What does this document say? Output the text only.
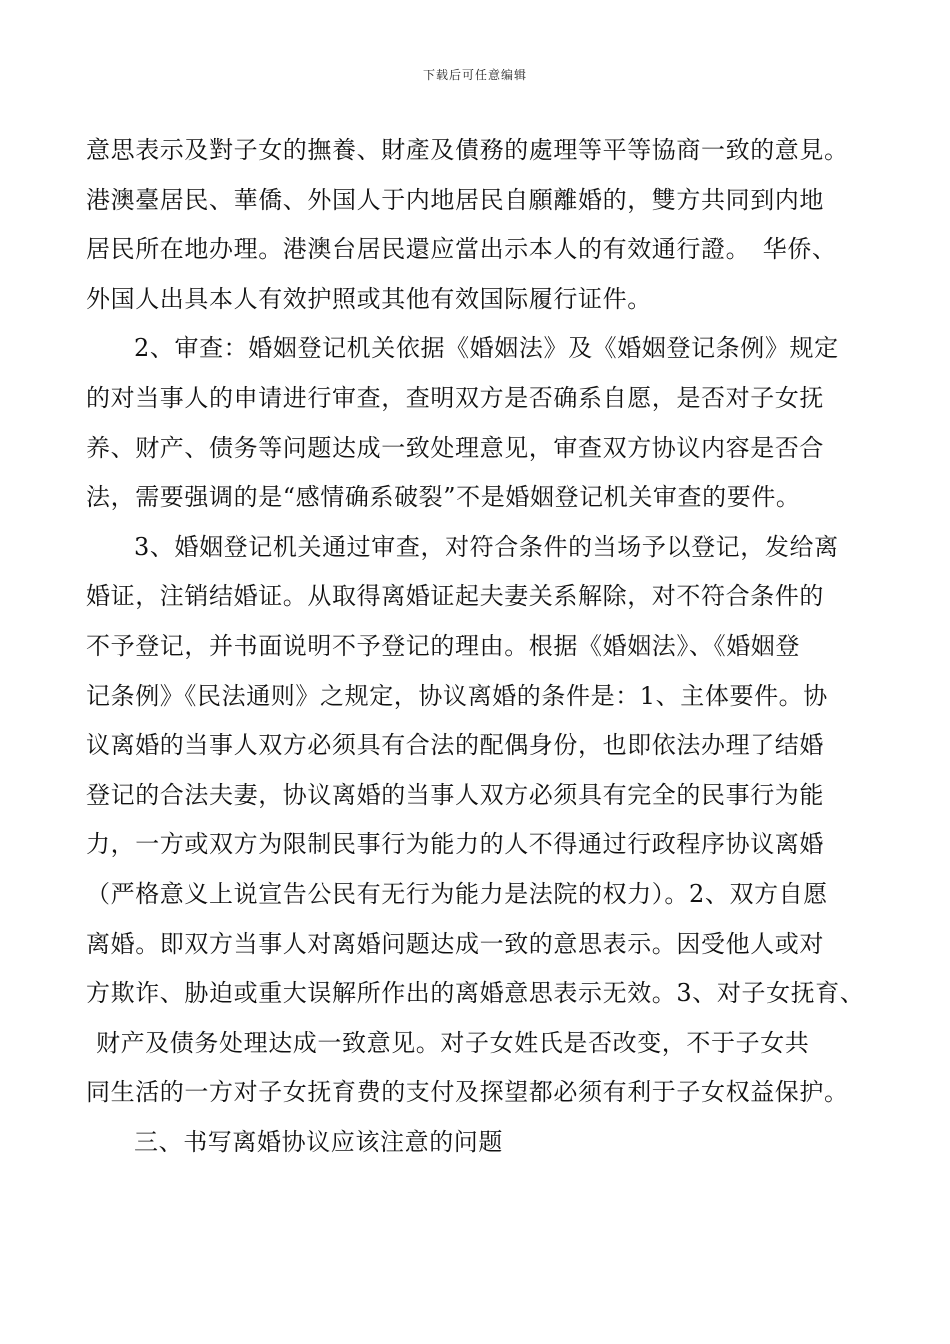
下载后可任意编辑
意思表示及對子女的撫養、財產及債務的處理等平等協商一致的意見。
港澳臺居民、華僑、外国人于内地居民自願離婚的，雙方共同到内地
居民所在地办理。港澳台居民還应當出示本人的有效通行證。　华侨、
外国人出具本人有效护照或其他有效国际履行证件。
2、审查：婚姻登记机关依据《婚姻法》及《婚姻登记条例》规定
的对当事人的申请进行审查，查明双方是否确系自愿，是否对子女抚
养、财产、债务等问题达成一致处理意见，审查双方协议内容是否合
法，需要强调的是“感情确系破裂”不是婚姻登记机关审查的要件。
3、婚姻登记机关通过审查，对符合条件的当场予以登记，发给离
婚证，注销结婚证。从取得离婚证起夫妻关系解除，对不符合条件的
不予登记，并书面说明不予登记的理由。根据《婚姻法》、《婚姻登
记条例》《民法通则》之规定，协议离婚的条件是：1、主体要件。协
议离婚的当事人双方必须具有合法的配偶身份，也即依法办理了结婚
登记的合法夫妻，协议离婚的当事人双方必须具有完全的民事行为能
力，一方或双方为限制民事行为能力的人不得通过行政程序协议离婚
（严格意义上说宣告公民有无行为能力是法院的权力）。2、双方自愿
离婚。即双方当事人对离婚问题达成一致的意思表示。因受他人或对
方欺诈、胁迫或重大误解所作出的离婚意思表示无效。3、对子女抚育、
财产及债务处理达成一致意见。对子女姓氏是否改变，不于子女共
同生活的一方对子女抚育费的支付及探望都必须有利于子女权益保护。
三、书写离婚协议应该注意的问题
